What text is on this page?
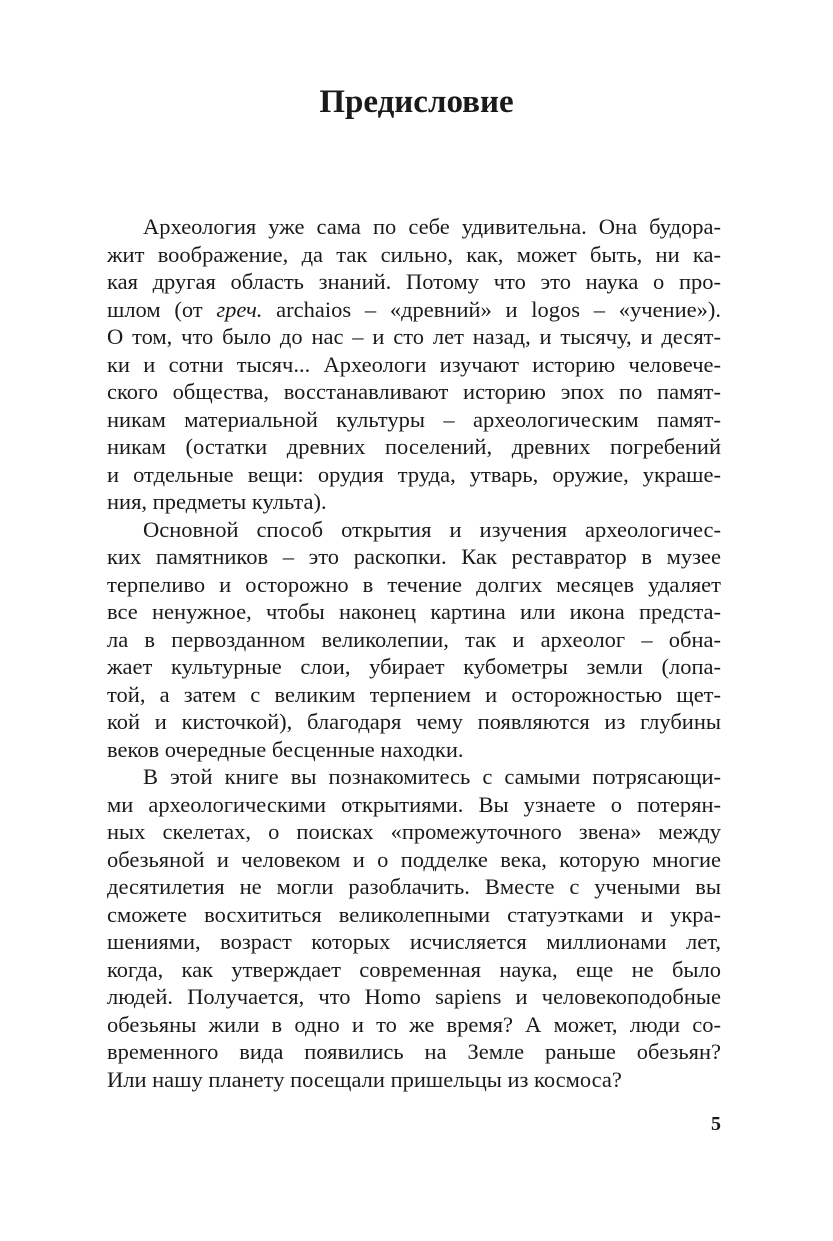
Предисловие
Археология уже сама по себе удивительна. Она будора-
жит воображение, да так сильно, как, может быть, ни ка-
кая другая область знаний. Потому что это наука о про-
шлом (от греч. archaios – «древний» и logos – «учение»).
О том, что было до нас – и сто лет назад, и тысячу, и десят-
ки и сотни тысяч... Археологи изучают историю человече-
ского общества, восстанавливают историю эпох по памят-
никам материальной культуры – археологическим памят-
никам (остатки древних поселений, древних погребений
и отдельные вещи: орудия труда, утварь, оружие, украше-
ния, предметы культа).
Основной способ открытия и изучения археологичес-
ких памятников – это раскопки. Как реставратор в музее
терпеливо и осторожно в течение долгих месяцев удаляет
все ненужное, чтобы наконец картина или икона предста-
ла в первозданном великолепии, так и археолог – обна-
жает культурные слои, убирает кубометры земли (лопа-
той, а затем с великим терпением и осторожностью щет-
кой и кисточкой), благодаря чему появляются из глубины
веков очередные бесценные находки.
В этой книге вы познакомитесь с самыми потрясающи-
ми археологическими открытиями. Вы узнаете о потерян-
ных скелетах, о поисках «промежуточного звена» между
обезьяной и человеком и о подделке века, которую многие
десятилетия не могли разоблачить. Вместе с учеными вы
сможете восхититься великолепными статуэтками и укра-
шениями, возраст которых исчисляется миллионами лет,
когда, как утверждает современная наука, еще не было
людей. Получается, что Homo sapiens и человекоподобные
обезьяны жили в одно и то же время? А может, люди со-
временного вида появились на Земле раньше обезьян?
Или нашу планету посещали пришельцы из космоса?
5
